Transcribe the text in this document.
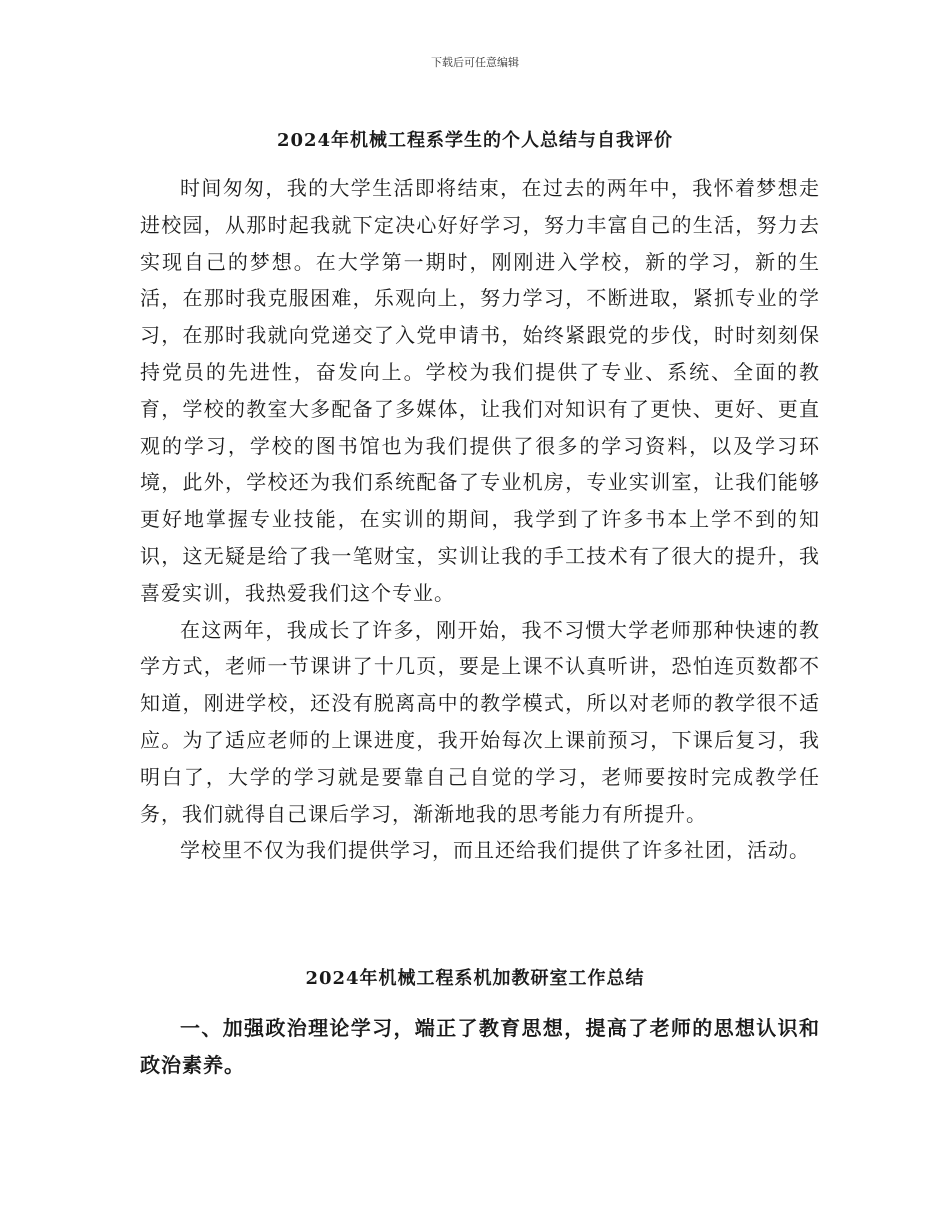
下载后可任意编辑
2024年机械工程系学生的个人总结与自我评价

时间匆匆，我的大学生活即将结束，在过去的两年中，我怀着梦想走进校园，从那时起我就下定决心好好学习，努力丰富自己的生活，努力去实现自己的梦想。在大学第一期时，刚刚进入学校，新的学习，新的生活，在那时我克服困难，乐观向上，努力学习，不断进取，紧抓专业的学习，在那时我就向党递交了入党申请书，始终紧跟党的步伐，时时刻刻保持党员的先进性，奋发向上。学校为我们提供了专业、系统、全面的教育，学校的教室大多配备了多媒体，让我们对知识有了更快、更好、更直观的学习，学校的图书馆也为我们提供了很多的学习资料，以及学习环境，此外，学校还为我们系统配备了专业机房，专业实训室，让我们能够更好地掌握专业技能，在实训的期间，我学到了许多书本上学不到的知识，这无疑是给了我一笔财宝，实训让我的手工技术有了很大的提升，我喜爱实训，我热爱我们这个专业。

在这两年，我成长了许多，刚开始，我不习惯大学老师那种快速的教学方式，老师一节课讲了十几页，要是上课不认真听讲，恐怕连页数都不知道，刚进学校，还没有脱离高中的教学模式，所以对老师的教学很不适应。为了适应老师的上课进度，我开始每次上课前预习，下课后复习，我明白了，大学的学习就是要靠自己自觉的学习，老师要按时完成教学任务，我们就得自己课后学习，渐渐地我的思考能力有所提升。

学校里不仅为我们提供学习，而且还给我们提供了许多社团，活动。

2024年机械工程系机加教研室工作总结

一、加强政治理论学习，端正了教育思想，提高了老师的思想认识和政治素养。
